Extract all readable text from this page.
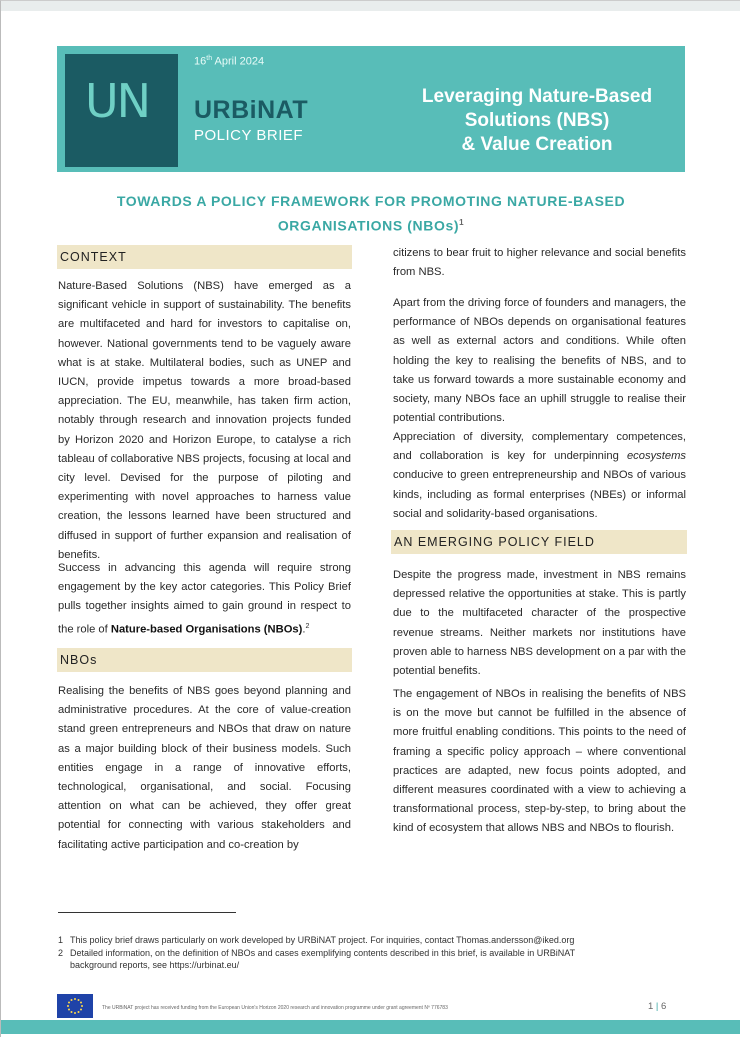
UN
16th April 2024
URBiNAT
POLICY BRIEF
Leveraging Nature-Based
Solutions (NBS)
& Value Creation
TOWARDS A POLICY FRAMEWORK FOR PROMOTING NATURE-BASED
ORGANISATIONS (NBOs)$^1$
CONTEXT

Nature-Based Solutions (NBS) have emerged as a significant vehicle in support of sustainability. The benefits are multifaceted and hard for investors to capitalise on, however. National governments tend to be vaguely aware what is at stake. Multilateral bodies, such as UNEP and IUCN, provide impetus towards a more broad-based appreciation. The EU, meanwhile, has taken firm action, notably through research and innovation projects funded by Horizon 2020 and Horizon Europe, to catalyse a rich tableau of collaborative NBS projects, focusing at local and city level. Devised for the purpose of piloting and experimenting with novel approaches to harness value creation, the lessons learned have been structured and diffused in support of further expansion and realisation of benefits.

Success in advancing this agenda will require strong engagement by the key actor categories. This Policy Brief pulls together insights aimed to gain ground in respect to the role of Nature-based Organisations (NBOs).$^2$

NBOs

Realising the benefits of NBS goes beyond planning and administrative procedures. At the core of value-creation stand green entrepreneurs and NBOs that draw on nature as a major building block of their business models. Such entities engage in a range of innovative efforts, technological, organisational, and social. Focusing attention on what can be achieved, they offer great potential for connecting with various stakeholders and facilitating active participation and co-creation by

citizens to bear fruit to higher relevance and social benefits from NBS.

Apart from the driving force of founders and managers, the performance of NBOs depends on organisational features as well as external actors and conditions. While often holding the key to realising the benefits of NBS, and to take us forward towards a more sustainable economy and society, many NBOs face an uphill struggle to realise their potential contributions.

Appreciation of diversity, complementary competences, and collaboration is key for underpinning ecosystems conducive to green entrepreneurship and NBOs of various kinds, including as formal enterprises (NBEs) or informal social and solidarity-based organisations.

AN EMERGING POLICY FIELD

Despite the progress made, investment in NBS remains depressed relative the opportunities at stake. This is partly due to the multifaceted character of the prospective revenue streams. Neither markets nor institutions have proven able to harness NBS development on a par with the potential benefits.

The engagement of NBOs in realising the benefits of NBS is on the move but cannot be fulfilled in the absence of more fruitful enabling conditions. This points to the need of framing a specific policy approach – where conventional practices are adapted, new focus points adopted, and different measures coordinated with a view to achieving a transformational process, step-by-step, to bring about the kind of ecosystem that allows NBS and NBOs to flourish.

1 This policy brief draws particularly on work developed by URBiNAT project. For inquiries, contact Thomas.andersson@iked.org
2 Detailed information, on the definition of NBOs and cases exemplifying contents described in this brief, is available in URBiNAT
background reports, see https://urbinat.eu/
The URBiNAT project has received funding from the European Union's Horizon 2020 research and innovation programme under grant agreement Nº 776783	1 | 6
